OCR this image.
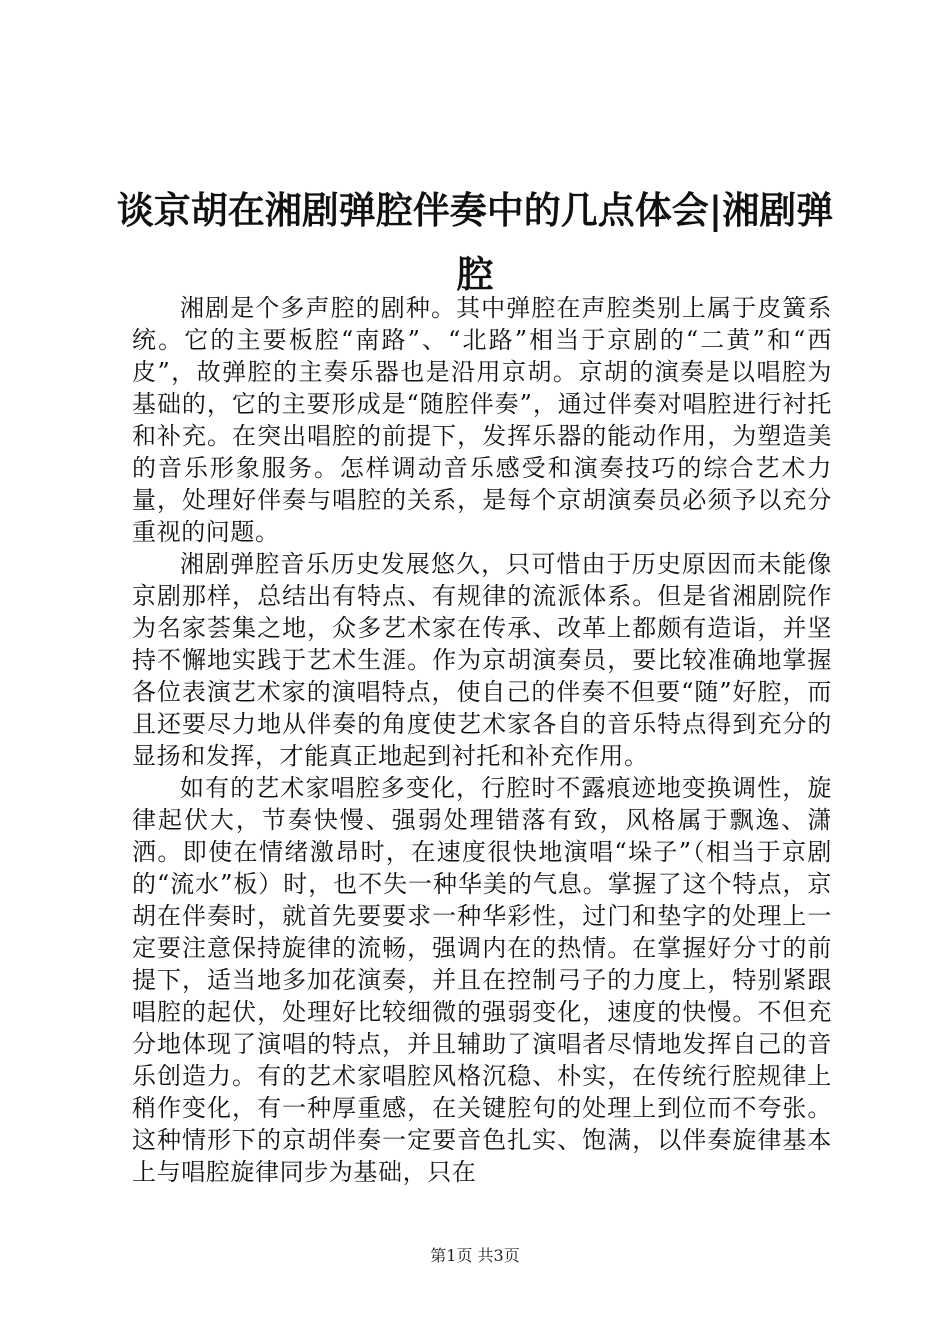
谈京胡在湘剧弹腔伴奏中的几点体会|湘剧弹腔

湘剧是个多声腔的剧种。其中弹腔在声腔类别上属于皮簧系统。它的主要板腔“南路”、“北路”相当于京剧的“二黄”和“西皮”，故弹腔的主奏乐器也是沿用京胡。京胡的演奏是以唱腔为基础的，它的主要形成是“随腔伴奏”，通过伴奏对唱腔进行衬托和补充。在突出唱腔的前提下，发挥乐器的能动作用，为塑造美的音乐形象服务。怎样调动音乐感受和演奏技巧的综合艺术力量，处理好伴奏与唱腔的关系，是每个京胡演奏员必须予以充分重视的问题。

湘剧弹腔音乐历史发展悠久，只可惜由于历史原因而未能像京剧那样，总结出有特点、有规律的流派体系。但是省湘剧院作为名家荟集之地，众多艺术家在传承、改革上都颇有造诣，并坚持不懈地实践于艺术生涯。作为京胡演奏员，要比较准确地掌握各位表演艺术家的演唱特点，使自己的伴奏不但要“随”好腔，而且还要尽力地从伴奏的角度使艺术家各自的音乐特点得到充分的显扬和发挥，才能真正地起到衬托和补充作用。

如有的艺术家唱腔多变化，行腔时不露痕迹地变换调性，旋律起伏大，节奏快慢、强弱处理错落有致，风格属于飘逸、潇洒。即使在情绪激昂时，在速度很快地演唱“垛子”（相当于京剧的“流水”板）时，也不失一种华美的气息。掌握了这个特点，京胡在伴奏时，就首先要要求一种华彩性，过门和垫字的处理上一定要注意保持旋律的流畅，强调内在的热情。在掌握好分寸的前提下，适当地多加花演奏，并且在控制弓子的力度上，特别紧跟唱腔的起伏，处理好比较细微的强弱变化，速度的快慢。不但充分地体现了演唱的特点，并且辅助了演唱者尽情地发挥自己的音乐创造力。有的艺术家唱腔风格沉稳、朴实，在传统行腔规律上稍作变化，有一种厚重感，在关键腔句的处理上到位而不夸张。这种情形下的京胡伴奏一定要音色扎实、饱满，以伴奏旋律基本上与唱腔旋律同步为基础，只在

第1页 共3页
